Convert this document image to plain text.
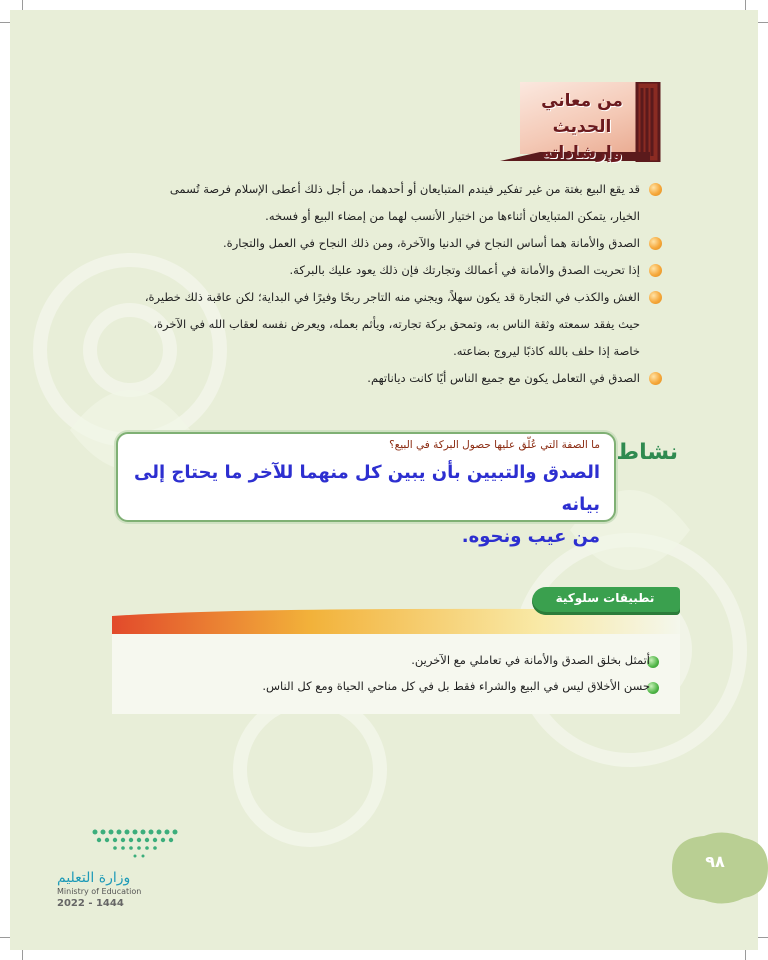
من معاني الحديث
وإرشاداته
قد يقع البيع بغتة من غير تفكير فيندم المتبايعان أو أحدهما، من أجل ذلك أعطى الإسلام فرصة تُسمى
الخيار، يتمكن المتبايعان أثناءها من اختيار الأنسب لهما من إمضاء البيع أو فسخه.
الصدق والأمانة هما أساس النجاح في الدنيا والآخرة، ومن ذلك النجاح في العمل والتجارة.
إذا تحريت الصدق والأمانة في أعمالك وتجارتك فإن ذلك يعود عليك بالبركة.
الغش والكذب في التجارة قد يكون سهلاً، ويجني منه التاجر ربحًا وفيرًا في البداية؛ لكن عاقبة ذلك خطيرة،
حيث يفقد سمعته وثقة الناس به، وتمحق بركة تجارته، ويأثم بعمله، ويعرض نفسه لعقاب الله في الآخرة،
خاصة إذا حلف بالله كاذبًا ليروج بضاعته.
الصدق في التعامل يكون مع جميع الناس أيًا كانت دياناتهم.
نشاط
ما الصفة التي عُلّق عليها حصول البركة في البيع؟
الصدق والتبيين بأن يبين كل منهما للآخر ما يحتاج إلى بيانه
من عيب ونحوه.
تطبيقات سلوكية
أتمثل بخلق الصدق والأمانة في تعاملي مع الآخرين.
حسن الأخلاق ليس في البيع والشراء فقط بل في كل مناحي الحياة ومع كل الناس.
وزارة التعليم
Ministry of Education
2022 - 1444
٩٨
